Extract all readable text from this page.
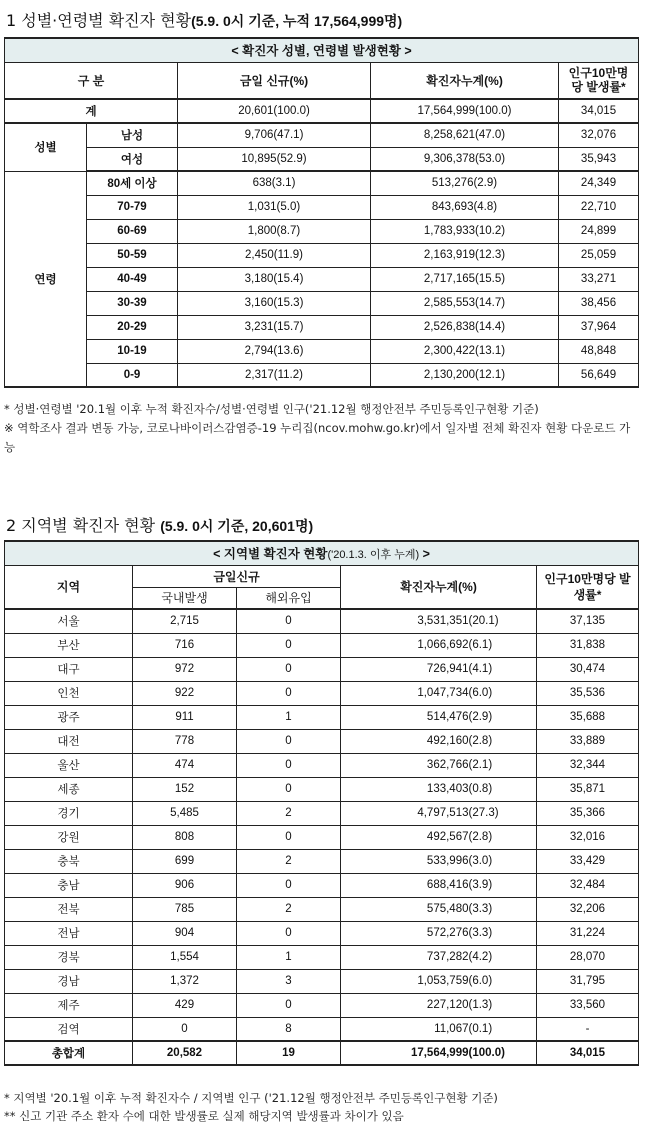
1 성별·연령별 확진자 현황(5.9. 0시 기준, 누적 17,564,999명)
< 확진자 성별, 연령별 발생현황 >				
구 분		금일 신규(%)	확진자누계(%)	인구10만명당 발생률*
계		20,601(100.0)	17,564,999(100.0)	34,015
성별	남성	9,706(47.1)	8,258,621(47.0)	32,076
	여성	10,895(52.9)	9,306,378(53.0)	35,943
연령	80세 이상	638(3.1)	513,276(2.9)	24,349
	70-79	1,031(5.0)	843,693(4.8)	22,710
	60-69	1,800(8.7)	1,783,933(10.2)	24,899
	50-59	2,450(11.9)	2,163,919(12.3)	25,059
	40-49	3,180(15.4)	2,717,165(15.5)	33,271
	30-39	3,160(15.3)	2,585,553(14.7)	38,456
	20-29	3,231(15.7)	2,526,838(14.4)	37,964
	10-19	2,794(13.6)	2,300,422(13.1)	48,848
	0-9	2,317(11.2)	2,130,200(12.1)	56,649
* 성별·연령별 '20.1월 이후 누적 확진자수/성별·연령별 인구('21.12월 행정안전부 주민등록인구현황 기준)
※ 역학조사 결과 변동 가능, 코로나바이러스감염증-19 누리집(ncov.mohw.go.kr)에서 일자별 전체 확진자 현황 다운로드 가능
2 지역별 확진자 현황 (5.9. 0시 기준, 20,601명)
< 지역별 확진자 현황('20.1.3. 이후 누계) >				
지역	금일신규		확진자누계(%)	인구10만명당 발생률*
	국내발생	해외유입		
서울	2,715	0	3,531,351(20.1)	37,135
부산	716	0	1,066,692(6.1)	31,838
대구	972	0	726,941(4.1)	30,474
인천	922	0	1,047,734(6.0)	35,536
광주	911	1	514,476(2.9)	35,688
대전	778	0	492,160(2.8)	33,889
울산	474	0	362,766(2.1)	32,344
세종	152	0	133,403(0.8)	35,871
경기	5,485	2	4,797,513(27.3)	35,366
강원	808	0	492,567(2.8)	32,016
충북	699	2	533,996(3.0)	33,429
충남	906	0	688,416(3.9)	32,484
전북	785	2	575,480(3.3)	32,206
전남	904	0	572,276(3.3)	31,224
경북	1,554	1	737,282(4.2)	28,070
경남	1,372	3	1,053,759(6.0)	31,795
제주	429	0	227,120(1.3)	33,560
검역	0	8	11,067(0.1)	-
총합계	20,582	19	17,564,999(100.0)	34,015
* 지역별 '20.1월 이후 누적 확진자수 / 지역별 인구 ('21.12월 행정안전부 주민등록인구현황 기준)
** 신고 기관 주소 환자 수에 대한 발생률로 실제 해당지역 발생률과 차이가 있음
